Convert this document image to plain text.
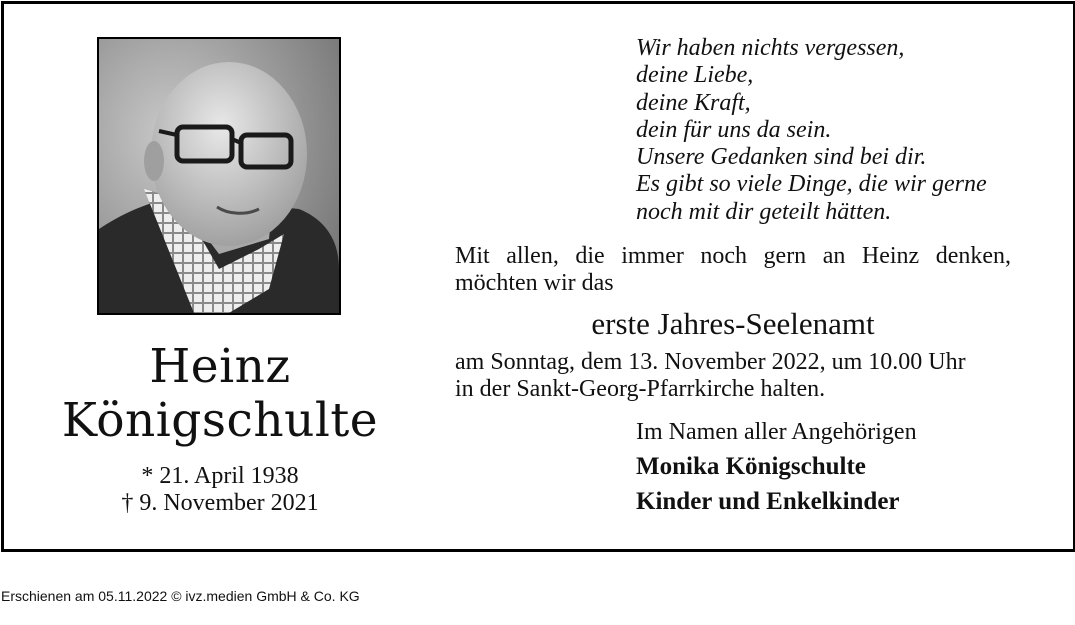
Heinz
Königschulte
* 21. April 1938
† 9. November 2021
Wir haben nichts vergessen,
deine Liebe,
deine Kraft,
dein für uns da sein.
Unsere Gedanken sind bei dir.
Es gibt so viele Dinge, die wir gerne
noch mit dir geteilt hätten.
Mit allen, die immer noch gern an Heinz denken,
möchten wir das
erste Jahres-Seelenamt
am Sonntag, dem 13. November 2022, um 10.00 Uhr
in der Sankt-Georg-Pfarrkirche halten.
Im Namen aller Angehörigen
Monika Königschulte
Kinder und Enkelkinder
Erschienen am 05.11.2022 © ivz.medien GmbH & Co. KG
